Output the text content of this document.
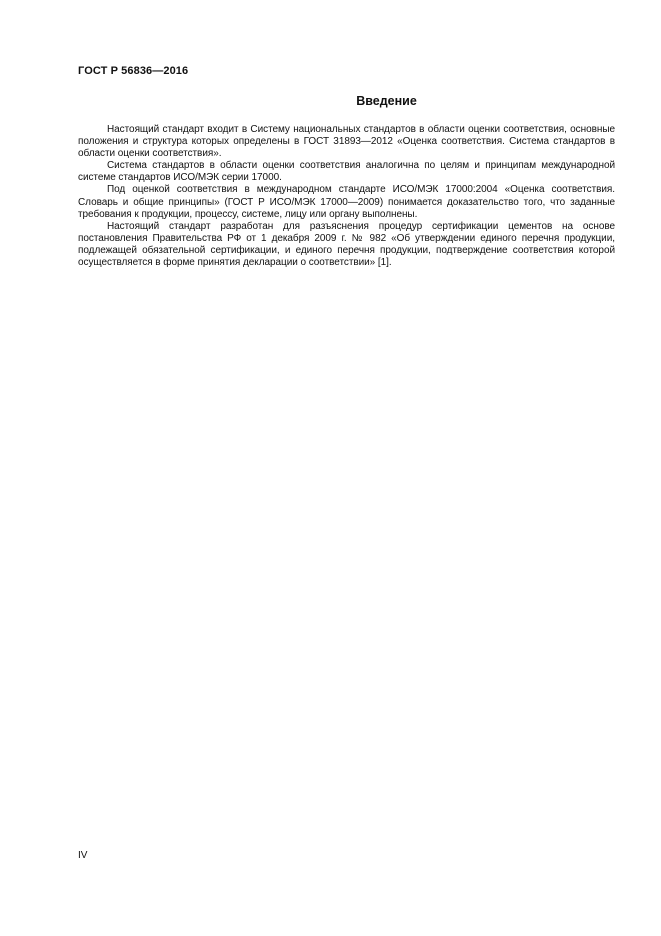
ГОСТ Р 56836—2016
Введение

Настоящий стандарт входит в Систему национальных стандартов в области оценки соответствия, основные положения и структура которых определены в ГОСТ 31893—2012 «Оценка соответствия. Система стандартов в области оценки соответствия».

Система стандартов в области оценки соответствия аналогична по целям и принципам международной системе стандартов ИСО/МЭК серии 17000.

Под оценкой соответствия в международном стандарте ИСО/МЭК 17000:2004 «Оценка соответствия. Словарь и общие принципы» (ГОСТ Р ИСО/МЭК 17000—2009) понимается доказательство того, что заданные требования к продукции, процессу, системе, лицу или органу выполнены.

Настоящий стандарт разработан для разъяснения процедур сертификации цементов на основе постановления Правительства РФ от 1 декабря 2009 г. № 982 «Об утверждении единого перечня продукции, подлежащей обязательной сертификации, и единого перечня продукции, подтверждение соответствия которой осуществляется в форме принятия декларации о соответствии» [1].

IV
